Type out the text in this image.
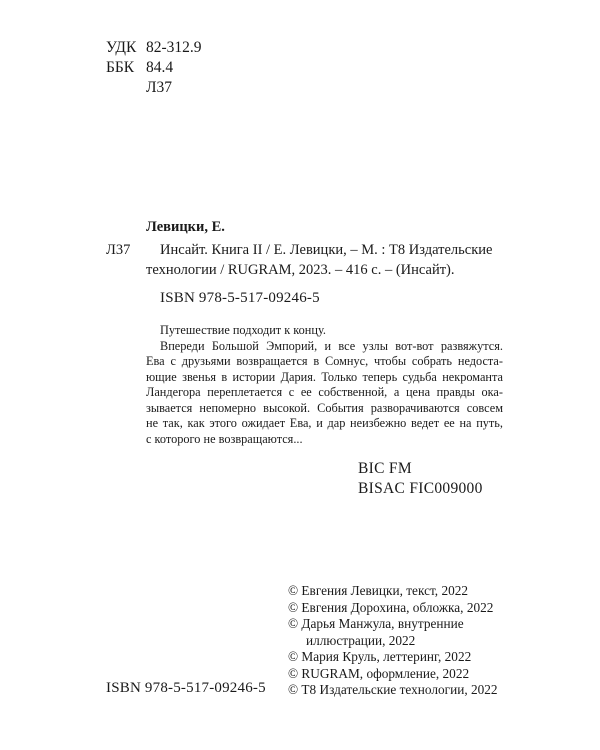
УДК 82-312.9
ББК 84.4
Л37
Левицки, Е.
Л37 Инсайт. Книга II / Е. Левицки, – М. : Т8 Издательские
технологии / RUGRAM, 2023. – 416 с. – (Инсайт).
ISBN 978-5-517-09246-5

Путешествие подходит к концу.

Впереди Большой Эмпорий, и все узлы вот-вот развяжутся.

Ева с друзьями возвращается в Сомнус, чтобы собрать недоста-

ющие звенья в истории Дария. Только теперь судьба некроманта

Ландегора переплетается с ее собственной, а цена правды ока-

зывается непомерно высокой. События разворачиваются совсем

не так, как этого ожидает Ева, и дар неизбежно ведет ее на путь,

с которого не возвращаются...

BIC FM
BISAC FIC009000
ISBN 978-5-517-09246-5
© Евгения Левицки, текст, 2022
© Евгения Дорохина, обложка, 2022
© Дарья Манжула, внутренние
иллюстрации, 2022
© Мария Круль, леттеринг, 2022
© RUGRAM, оформление, 2022
© Т8 Издательские технологии, 2022
